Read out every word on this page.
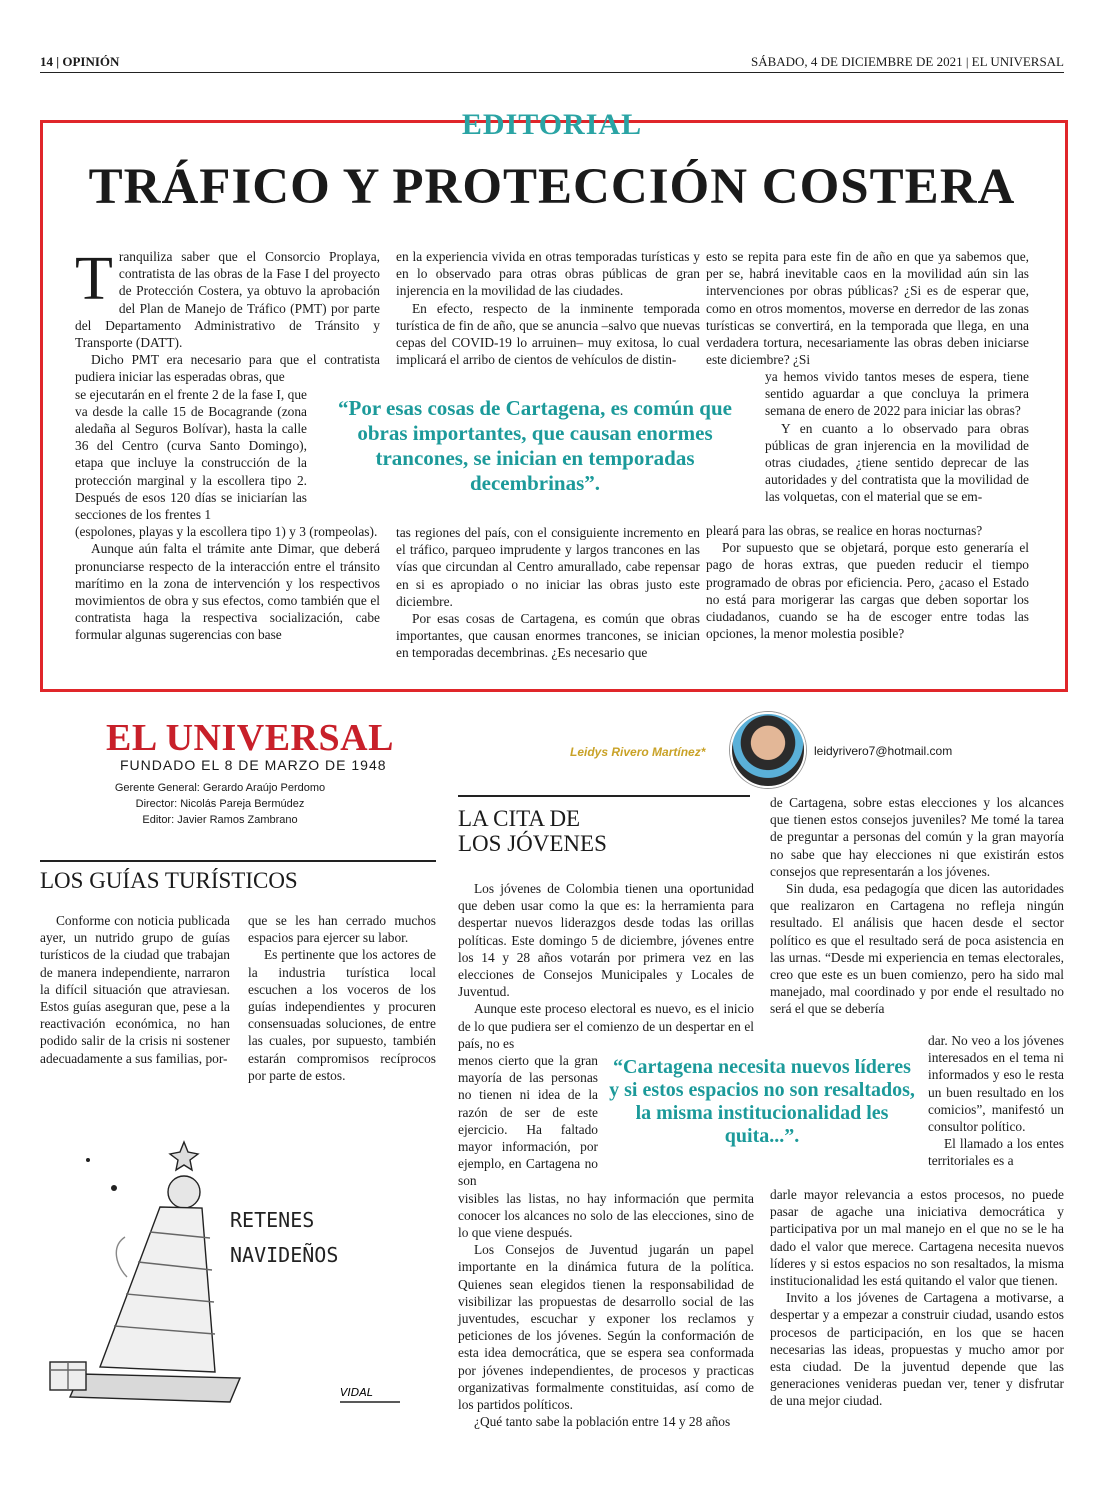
14 | OPINIÓN	SÁBADO, 4 DE DICIEMBRE DE 2021 | EL UNIVERSAL
EDITORIAL
TRÁFICO Y PROTECCIÓN COSTERA

Tranquiliza saber que el Consorcio Proplaya, contratista de las obras de la Fase I del proyecto de Protección Costera, ya obtuvo la aprobación del Plan de Manejo de Tráfico (PMT) por parte del Departamento Administrativo de Tránsito y Transporte (DATT).

Dicho PMT era necesario para que el contratista pudiera iniciar las esperadas obras, que

se ejecutarán en el frente 2 de la fase I, que va desde la calle 15 de Bocagrande (zona aledaña al Seguros Bolívar), hasta la calle 36 del Centro (curva Santo Domingo), etapa que incluye la construcción de la protección marginal y la escollera tipo 2. Después de esos 120 días se iniciarían las secciones de los frentes 1

(espolones, playas y la escollera tipo 1) y 3 (rompeolas).

Aunque aún falta el trámite ante Dimar, que deberá pronunciarse respecto de la interacción entre el tránsito marítimo en la zona de intervención y los respectivos movimientos de obra y sus efectos, como también que el contratista haga la respectiva socialización, cabe formular algunas sugerencias con base

en la experiencia vivida en otras temporadas turísticas y en lo observado para otras obras públicas de gran injerencia en la movilidad de las ciudades.

En efecto, respecto de la inminente temporada turística de fin de año, que se anuncia –salvo que nuevas cepas del COVID-19 lo arruinen– muy exitosa, lo cual implicará el arribo de cientos de vehículos de distin-

“Por esas cosas de Cartagena, es común que obras importantes, que causan enormes trancones, se inician en temporadas decembrinas”.

tas regiones del país, con el consiguiente incremento en el tráfico, parqueo imprudente y largos trancones en las vías que circundan al Centro amurallado, cabe repensar en si es apropiado o no iniciar las obras justo este diciembre.

Por esas cosas de Cartagena, es común que obras importantes, que causan enormes trancones, se inician en temporadas decembrinas. ¿Es necesario que

esto se repita para este fin de año en que ya sabemos que, per se, habrá inevitable caos en la movilidad aún sin las intervenciones por obras públicas? ¿Si es de esperar que, como en otros momentos, moverse en derredor de las zonas turísticas se convertirá, en la temporada que llega, en una verdadera tortura, necesariamente las obras deben iniciarse este diciembre? ¿Si

ya hemos vivido tantos meses de espera, tiene sentido aguardar a que concluya la primera semana de enero de 2022 para iniciar las obras?

Y en cuanto a lo observado para obras públicas de gran injerencia en la movilidad de otras ciudades, ¿tiene sentido deprecar de las autoridades y del contratista que la movilidad de las volquetas, con el material que se em-

pleará para las obras, se realice en horas nocturnas?

Por supuesto que se objetará, porque esto generaría el pago de horas extras, que pueden reducir el tiempo programado de obras por eficiencia. Pero, ¿acaso el Estado no está para morigerar las cargas que deben soportar los ciudadanos, cuando se ha de escoger entre todas las opciones, la menor molestia posible?

EL UNIVERSAL
FUNDADO EL 8 DE MARZO DE 1948
Gerente General: Gerardo Araújo Perdomo
Director: Nicolás Pareja Bermúdez
Editor: Javier Ramos Zambrano
LOS GUÍAS TURÍSTICOS

Conforme con noticia publicada ayer, un nutrido grupo de guías turísticos de la ciudad que trabajan de manera independiente, narraron la difícil situación que atraviesan. Estos guías aseguran que, pese a la reactivación económica, no han podido salir de la crisis ni sostener adecuadamente a sus familias, por-

que se les han cerrado muchos espacios para ejercer su labor.

Es pertinente que los actores de la industria turística local escuchen a los voceros de los guías independientes y procuren consensuadas soluciones, de entre las cuales, por supuesto, también estarán compromisos recíprocos por parte de estos.

RETENES
NAVIDEÑOS
VIDAL
Leidys Rivero Martínez*	leidyrivero7@hotmail.com
LA CITA DE
LOS JÓVENES

Los jóvenes de Colombia tienen una oportunidad que deben usar como la que es: la herramienta para despertar nuevos liderazgos desde todas las orillas políticas. Este domingo 5 de diciembre, jóvenes entre los 14 y 28 años votarán por primera vez en las elecciones de Consejos Municipales y Locales de Juventud.

Aunque este proceso electoral es nuevo, es el inicio de lo que pudiera ser el comienzo de un despertar en el país, no es

menos cierto que la gran mayoría de las personas no tienen ni idea de la razón de ser de este ejercicio. Ha faltado mayor información, por ejemplo, en Cartagena no son

visibles las listas, no hay información que permita conocer los alcances no solo de las elecciones, sino de lo que viene después.

Los Consejos de Juventud jugarán un papel importante en la dinámica futura de la política. Quienes sean elegidos tienen la responsabilidad de visibilizar las propuestas de desarrollo social de las juventudes, escuchar y exponer los reclamos y peticiones de los jóvenes. Según la conformación de esta idea democrática, que se espera sea conformada por jóvenes independientes, de procesos y practicas organizativas formalmente constituidas, así como de los partidos políticos.

¿Qué tanto sabe la población entre 14 y 28 años

“Cartagena necesita nuevos líderes y si estos espacios no son resaltados, la misma institucionalidad les quita...”.

de Cartagena, sobre estas elecciones y los alcances que tienen estos consejos juveniles? Me tomé la tarea de preguntar a personas del común y la gran mayoría no sabe que hay elecciones ni que existirán estos consejos que representarán a los jóvenes.

Sin duda, esa pedagogía que dicen las autoridades que realizaron en Cartagena no refleja ningún resultado. El análisis que hacen desde el sector político es que el resultado será de poca asistencia en las urnas. “Desde mi experiencia en temas electorales, creo que este es un buen comienzo, pero ha sido mal manejado, mal coordinado y por ende el resultado no será el que se debería

dar. No veo a los jóvenes interesados en el tema ni informados y eso le resta un buen resultado en los comicios”, manifestó un consultor político.

El llamado a los entes territoriales es a

darle mayor relevancia a estos procesos, no puede pasar de agache una iniciativa democrática y participativa por un mal manejo en el que no se le ha dado el valor que merece. Cartagena necesita nuevos líderes y si estos espacios no son resaltados, la misma institucionalidad les está quitando el valor que tienen.

Invito a los jóvenes de Cartagena a motivarse, a despertar y a empezar a construir ciudad, usando estos procesos de participación, en los que se hacen necesarias las ideas, propuestas y mucho amor por esta ciudad. De la juventud depende que las generaciones venideras puedan ver, tener y disfrutar de una mejor ciudad.
